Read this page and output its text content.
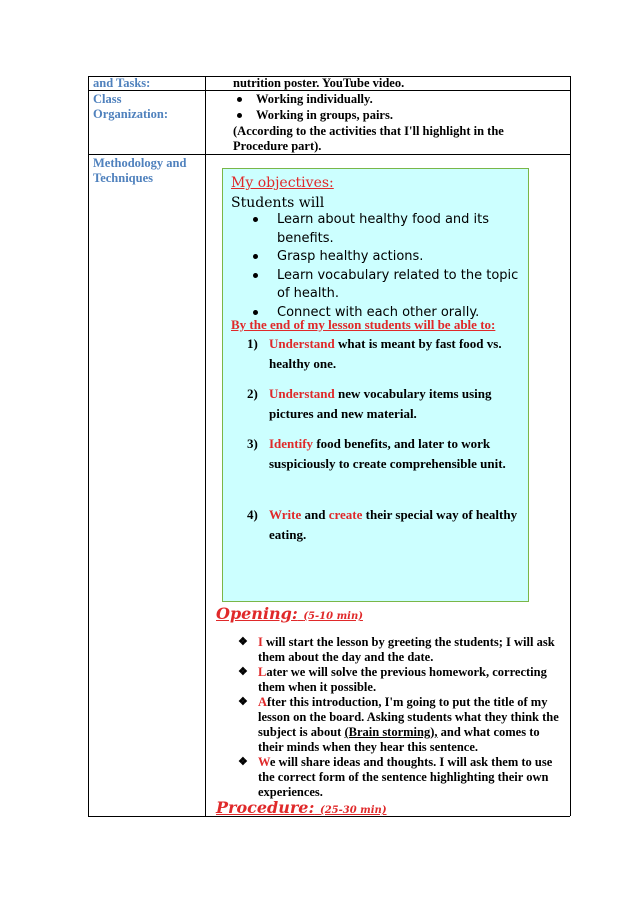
and Tasks:	nutrition poster. YouTube video.
Class
Organization:
Working individually.
Working in groups, pairs.
(According to the activities that I'll highlight in the
Procedure part).
Methodology and
Techniques	My objectives:
Students will
Learn about healthy food and its benefits.
Grasp healthy actions.
Learn vocabulary related to the topic of health.
Connect with each other orally.
By the end of my lesson students will be able to:
1) Understand what is meant by fast food vs. healthy one.
2) Understand new vocabulary items using pictures and new material.
3) Identify food benefits, and later to work suspiciously to create comprehensible unit.
4) Write and create their special way of healthy eating.
Opening: (5-10 min)
❖ I will start the lesson by greeting the students; I will ask them about the day and the date.
❖ Later we will solve the previous homework, correcting them when it possible.
❖ After this introduction, I'm going to put the title of my lesson on the board. Asking students what they think the subject is about (Brain storming), and what comes to their minds when they hear this sentence.
❖ We will share ideas and thoughts. I will ask them to use the correct form of the sentence highlighting their own experiences.
Procedure: (25-30 min)
